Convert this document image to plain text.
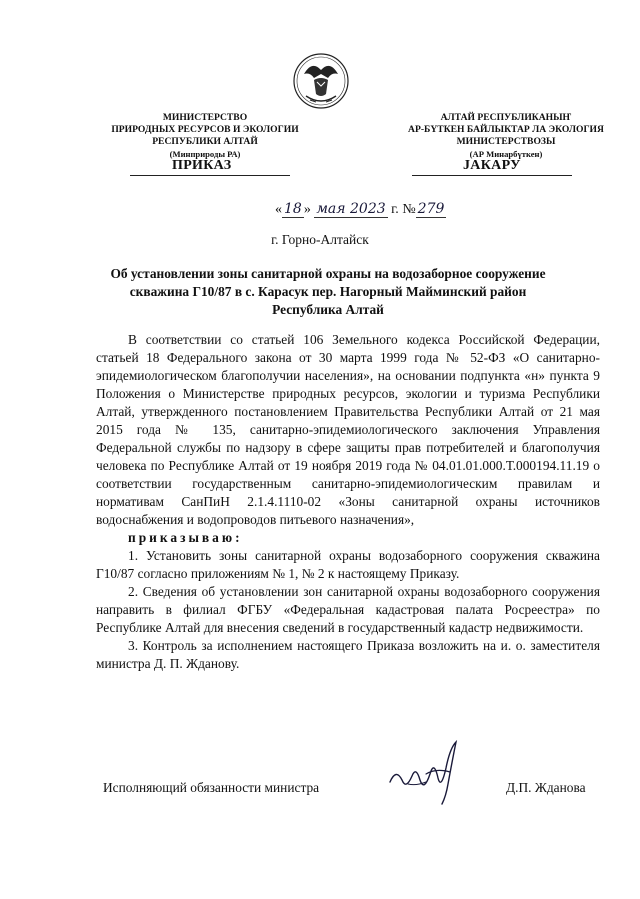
МИНИСТЕРСТВО
ПРИРОДНЫХ РЕСУРСОВ И ЭКОЛОГИИ
РЕСПУБЛИКИ АЛТАЙ
(Минприроды РА)
АЛТАЙ РЕСПУБЛИКАНЫҤ
АР-БҮТКЕН БАЙЛЫКТАР ЛА ЭКОЛОГИЯ
МИНИСТЕРСТВОЗЫ
(АР Минарбүткен)
ПРИКАЗ	ЈАКАРУ
« 18 » мая 2023 г. № 279
г. Горно-Алтайск
Об установлении зоны санитарной охраны на водозаборное сооружение
скважина Г10/87 в с. Карасук пер. Нагорный Майминский район
Республика Алтай

В соответствии со статьей 106 Земельного кодекса Российской Федерации, статьей 18 Федерального закона от 30 марта 1999 года № 52-ФЗ «О санитарно-эпидемиологическом благополучии населения», на основании подпункта «н» пункта 9 Положения о Министерстве природных ресурсов, экологии и туризма Республики Алтай, утвержденного постановлением Правительства Республики Алтай от 21 мая 2015 года № 135, санитарно-эпидемиологического заключения Управления Федеральной службы по надзору в сфере защиты прав потребителей и благополучия человека по Республике Алтай от 19 ноября 2019 года № 04.01.01.000.Т.000194.11.19 о соответствии государственным санитарно-эпидемиологическим правилам и нормативам СанПиН 2.1.4.1110-02 «Зоны санитарной охраны источников водоснабжения и водопроводов питьевого назначения»,

приказываю:

1. Установить зоны санитарной охраны водозаборного сооружения скважина Г10/87 согласно приложениям № 1, № 2 к настоящему Приказу.

2. Сведения об установлении зон санитарной охраны водозаборного сооружения направить в филиал ФГБУ «Федеральная кадастровая палата Росреестра» по Республике Алтай для внесения сведений в государственный кадастр недвижимости.

3. Контроль за исполнением настоящего Приказа возложить на и. о. заместителя министра Д. П. Жданову.

Исполняющий обязанности министра	Д.П. Жданова
